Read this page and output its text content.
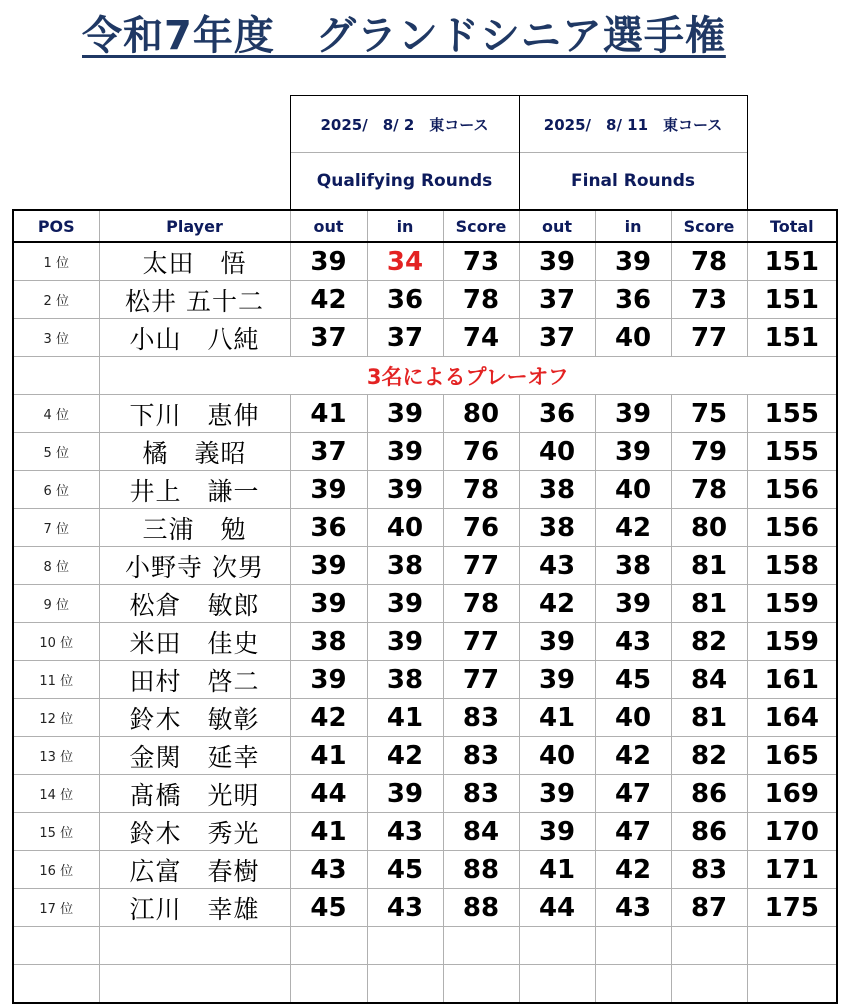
令和7年度　グランドシニア選手権
		2025/　8/ 2　東コース			2025/　8/ 11　東コース			
		Qualifying Rounds			Final Rounds			
POS	Player	out	in	Score	out	in	Score	Total
1 位	太田　悟	39	34	73	39	39	78	151
2 位	松井 五十二	42	36	78	37	36	73	151
3 位	小山　八純	37	37	74	37	40	77	151
	3名によるプレーオフ							
4 位	下川　恵伸	41	39	80	36	39	75	155
5 位	橘　義昭	37	39	76	40	39	79	155
6 位	井上　謙一	39	39	78	38	40	78	156
7 位	三浦　勉	36	40	76	38	42	80	156
8 位	小野寺 次男	39	38	77	43	38	81	158
9 位	松倉　敏郎	39	39	78	42	39	81	159
10 位	米田　佳史	38	39	77	39	43	82	159
11 位	田村　啓二	39	38	77	39	45	84	161
12 位	鈴木　敏彰	42	41	83	41	40	81	164
13 位	金関　延幸	41	42	83	40	42	82	165
14 位	髙橋　光明	44	39	83	39	47	86	169
15 位	鈴木　秀光	41	43	84	39	47	86	170
16 位	広富　春樹	43	45	88	41	42	83	171
17 位	江川　幸雄	45	43	88	44	43	87	175
